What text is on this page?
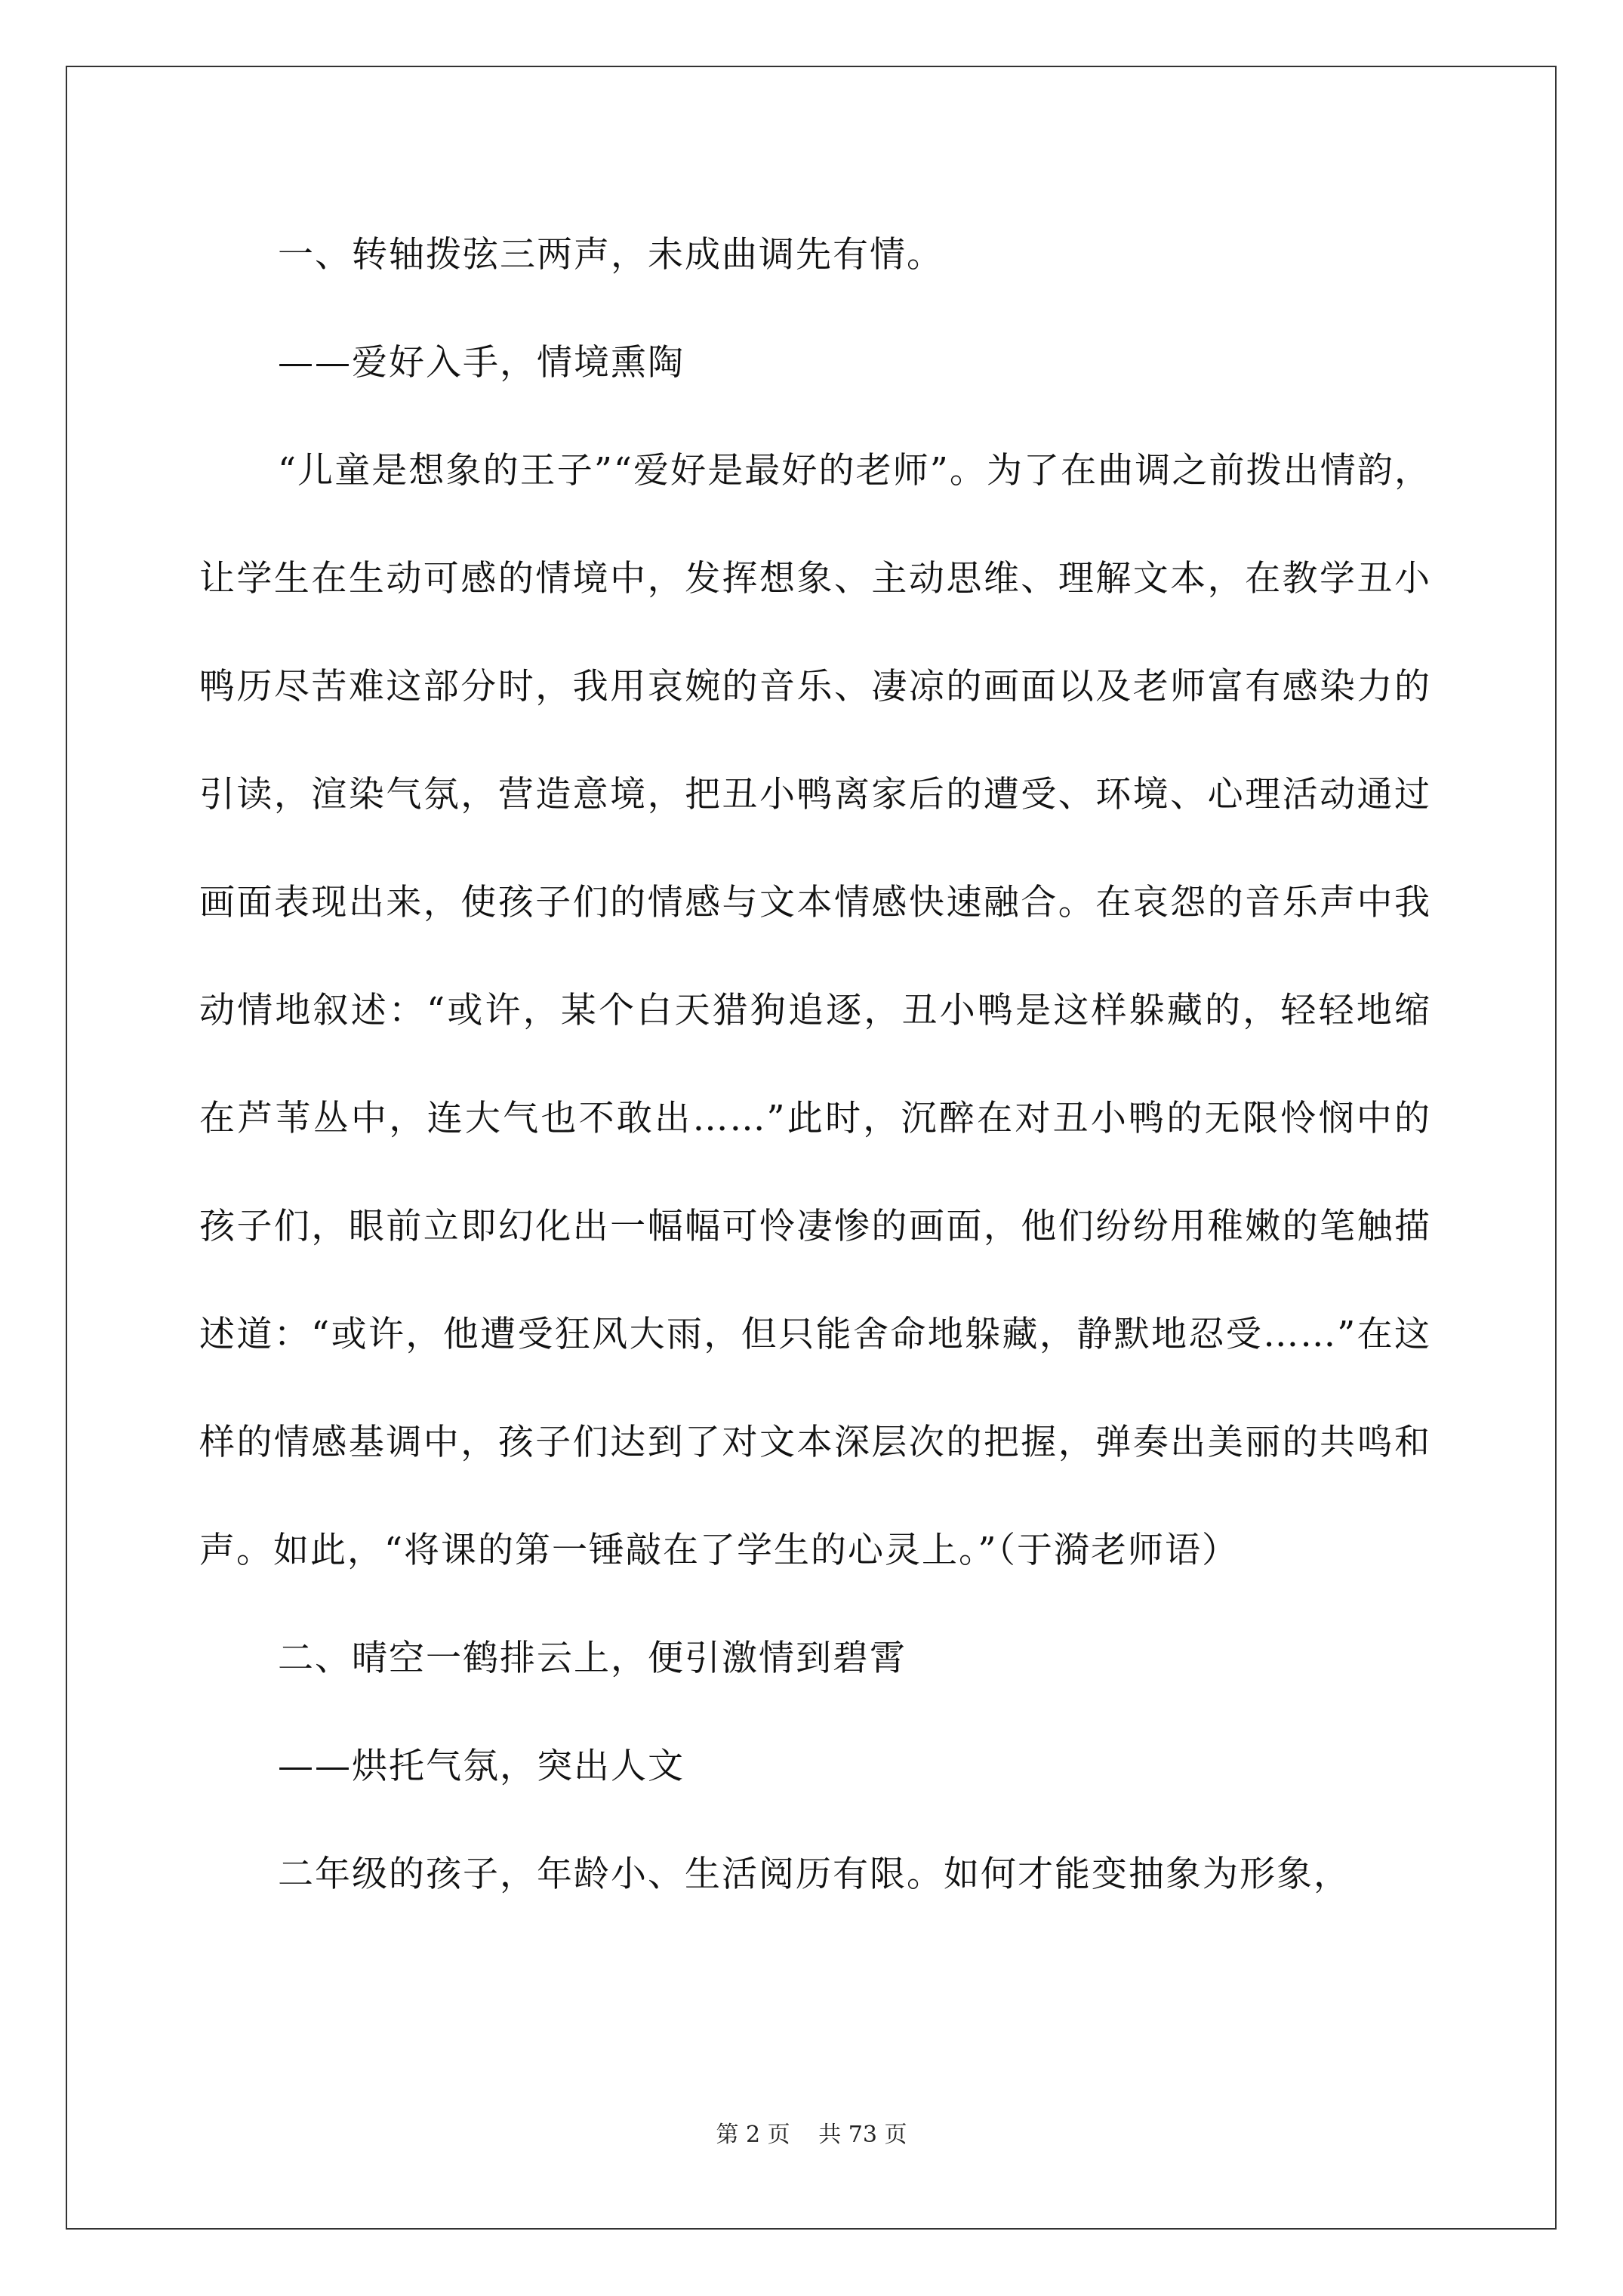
一、转轴拨弦三两声，未成曲调先有情。

——爱好入手，情境熏陶

“儿童是想象的王子”“爱好是最好的老师”。为了在曲调之前拨出情韵，让学生在生动可感的情境中，发挥想象、主动思维、理解文本，在教学丑小鸭历尽苦难这部分时，我用哀婉的音乐、凄凉的画面以及老师富有感染力的引读，渲染气氛，营造意境，把丑小鸭离家后的遭受、环境、心理活动通过画面表现出来，使孩子们的情感与文本情感快速融合。在哀怨的音乐声中我动情地叙述：“或许，某个白天猎狗追逐，丑小鸭是这样躲藏的，轻轻地缩在芦苇丛中，连大气也不敢出……”此时，沉醉在对丑小鸭的无限怜悯中的孩子们，眼前立即幻化出一幅幅可怜凄惨的画面，他们纷纷用稚嫩的笔触描述道：“或许，他遭受狂风大雨，但只能舍命地躲藏，静默地忍受……”在这样的情感基调中，孩子们达到了对文本深层次的把握，弹奏出美丽的共鸣和声。如此，“将课的第一锤敲在了学生的心灵上。”（于漪老师语）

二、晴空一鹤排云上，便引激情到碧霄

——烘托气氛，突出人文

二年级的孩子，年龄小、生活阅历有限。如何才能变抽象为形象，

第 2 页 共 73 页
